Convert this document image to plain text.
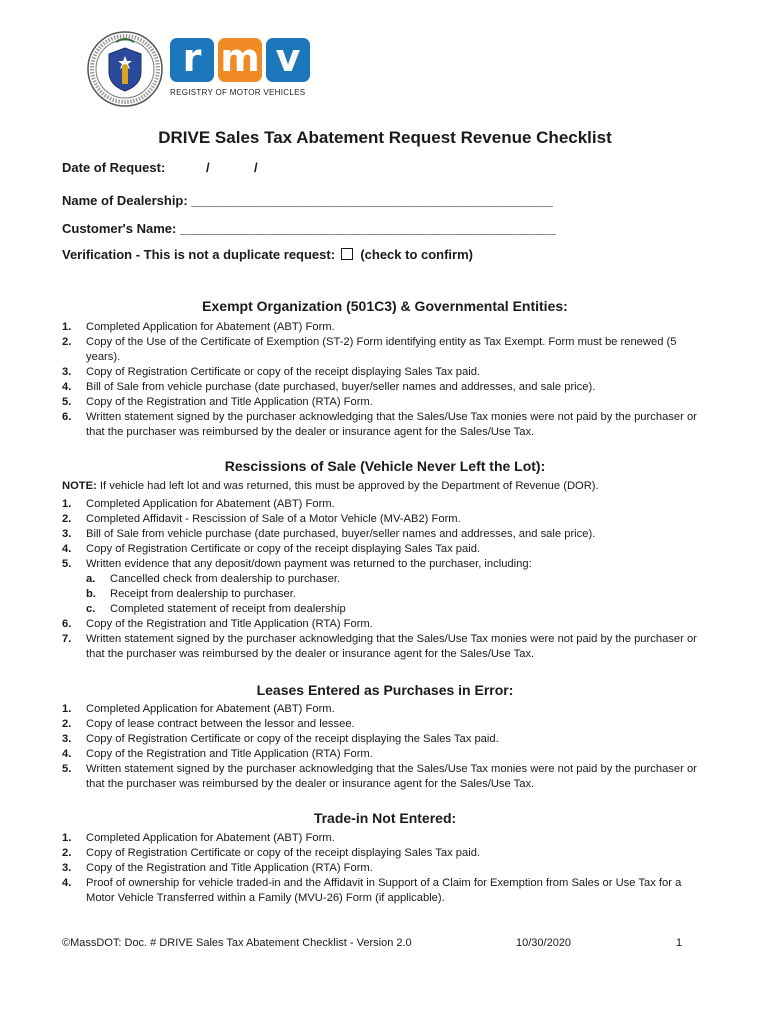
r m v
REGISTRY OF MOTOR VEHICLES
DRIVE Sales Tax Abatement Request Revenue Checklist
Date of Request:	/	/
Name of Dealership: __________________________________________________
Customer's Name: ____________________________________________________
Verification - This is not a duplicate request: (check to confirm)
Exempt Organization (501C3) & Governmental Entities:
1. Completed Application for Abatement (ABT) Form.
2. Copy of the Use of the Certificate of Exemption (ST-2) Form identifying entity as Tax Exempt. Form must be renewed (5 years).
3. Copy of Registration Certificate or copy of the receipt displaying Sales Tax paid.
4. Bill of Sale from vehicle purchase (date purchased, buyer/seller names and addresses, and sale price).
5. Copy of the Registration and Title Application (RTA) Form.
6. Written statement signed by the purchaser acknowledging that the Sales/Use Tax monies were not paid by the purchaser or that the purchaser was reimbursed by the dealer or insurance agent for the Sales/Use Tax.
Rescissions of Sale (Vehicle Never Left the Lot):
NOTE: If vehicle had left lot and was returned, this must be approved by the Department of Revenue (DOR).
1. Completed Application for Abatement (ABT) Form.
2. Completed Affidavit - Rescission of Sale of a Motor Vehicle (MV-AB2) Form.
3. Bill of Sale from vehicle purchase (date purchased, buyer/seller names and addresses, and sale price).
4. Copy of Registration Certificate or copy of the receipt displaying Sales Tax paid.
5. Written evidence that any deposit/down payment was returned to the purchaser, including:
a. Cancelled check from dealership to purchaser.
b. Receipt from dealership to purchaser.
c. Completed statement of receipt from dealership
6. Copy of the Registration and Title Application (RTA) Form.
7. Written statement signed by the purchaser acknowledging that the Sales/Use Tax monies were not paid by the purchaser or that the purchaser was reimbursed by the dealer or insurance agent for the Sales/Use Tax.
Leases Entered as Purchases in Error:
1. Completed Application for Abatement (ABT) Form.
2. Copy of lease contract between the lessor and lessee.
3. Copy of Registration Certificate or copy of the receipt displaying the Sales Tax paid.
4. Copy of the Registration and Title Application (RTA) Form.
5. Written statement signed by the purchaser acknowledging that the Sales/Use Tax monies were not paid by the purchaser or that the purchaser was reimbursed by the dealer or insurance agent for the Sales/Use Tax.
Trade-in Not Entered:
1. Completed Application for Abatement (ABT) Form.
2. Copy of Registration Certificate or copy of the receipt displaying Sales Tax paid.
3. Copy of the Registration and Title Application (RTA) Form.
4. Proof of ownership for vehicle traded-in and the Affidavit in Support of a Claim for Exemption from Sales or Use Tax for a Motor Vehicle Transferred within a Family (MVU-26) Form (if applicable).
©MassDOT: Doc. # DRIVE Sales Tax Abatement Checklist - Version 2.0	10/30/2020	1
